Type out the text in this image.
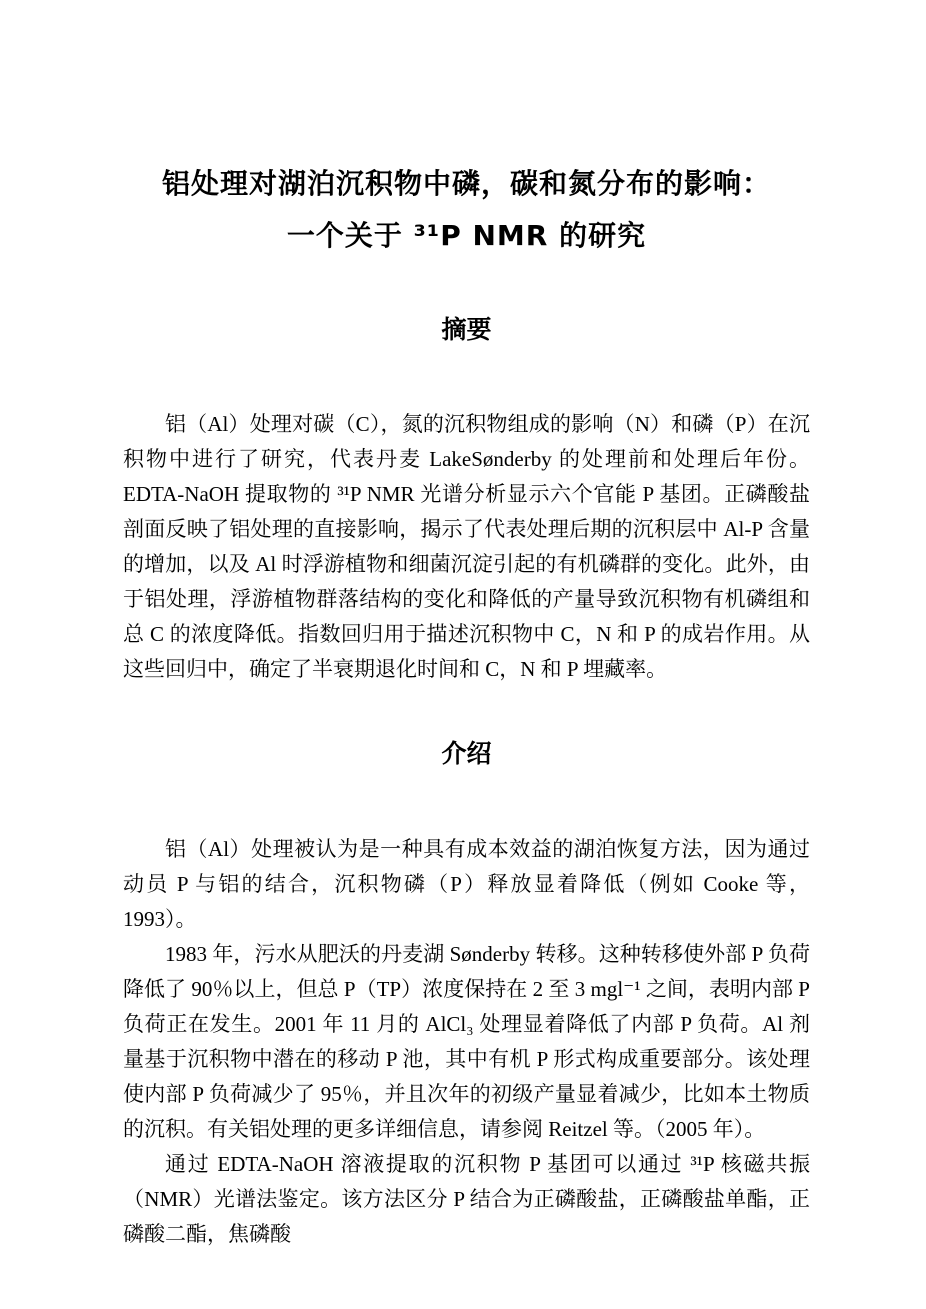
铝处理对湖泊沉积物中磷，碳和氮分布的影响：
一个关于 ³¹P NMR 的研究
摘要

铝（Al）处理对碳（C），氮的沉积物组成的影响（N）和磷（P）在沉积物中进行了研究，代表丹麦 LakeSønderby 的处理前和处理后年份。EDTA-NaOH 提取物的 ³¹P NMR 光谱分析显示六个官能 P 基团。正磷酸盐剖面反映了铝处理的直接影响，揭示了代表处理后期的沉积层中 Al-P 含量的增加，以及 Al 时浮游植物和细菌沉淀引起的有机磷群的变化。此外，由于铝处理，浮游植物群落结构的变化和降低的产量导致沉积物有机磷组和总 C 的浓度降低。指数回归用于描述沉积物中 C，N 和 P 的成岩作用。从这些回归中，确定了半衰期退化时间和 C，N 和 P 埋藏率。

介绍

铝（Al）处理被认为是一种具有成本效益的湖泊恢复方法，因为通过动员 P 与铝的结合，沉积物磷（P）释放显着降低（例如 Cooke 等，1993）。

1983 年，污水从肥沃的丹麦湖 Sønderby 转移。这种转移使外部 P 负荷降低了 90％以上，但总 P（TP）浓度保持在 2 至 3 mgl⁻¹ 之间，表明内部 P 负荷正在发生。2001 年 11 月的 AlCl₃ 处理显着降低了内部 P 负荷。Al 剂量基于沉积物中潜在的移动 P 池，其中有机 P 形式构成重要部分。该处理使内部 P 负荷减少了 95％，并且次年的初级产量显着减少，比如本土物质的沉积。有关铝处理的更多详细信息，请参阅 Reitzel 等。（2005 年）。

通过 EDTA-NaOH 溶液提取的沉积物 P 基团可以通过 ³¹P 核磁共振（NMR）光谱法鉴定。该方法区分 P 结合为正磷酸盐，正磷酸盐单酯，正磷酸二酯，焦磷酸
